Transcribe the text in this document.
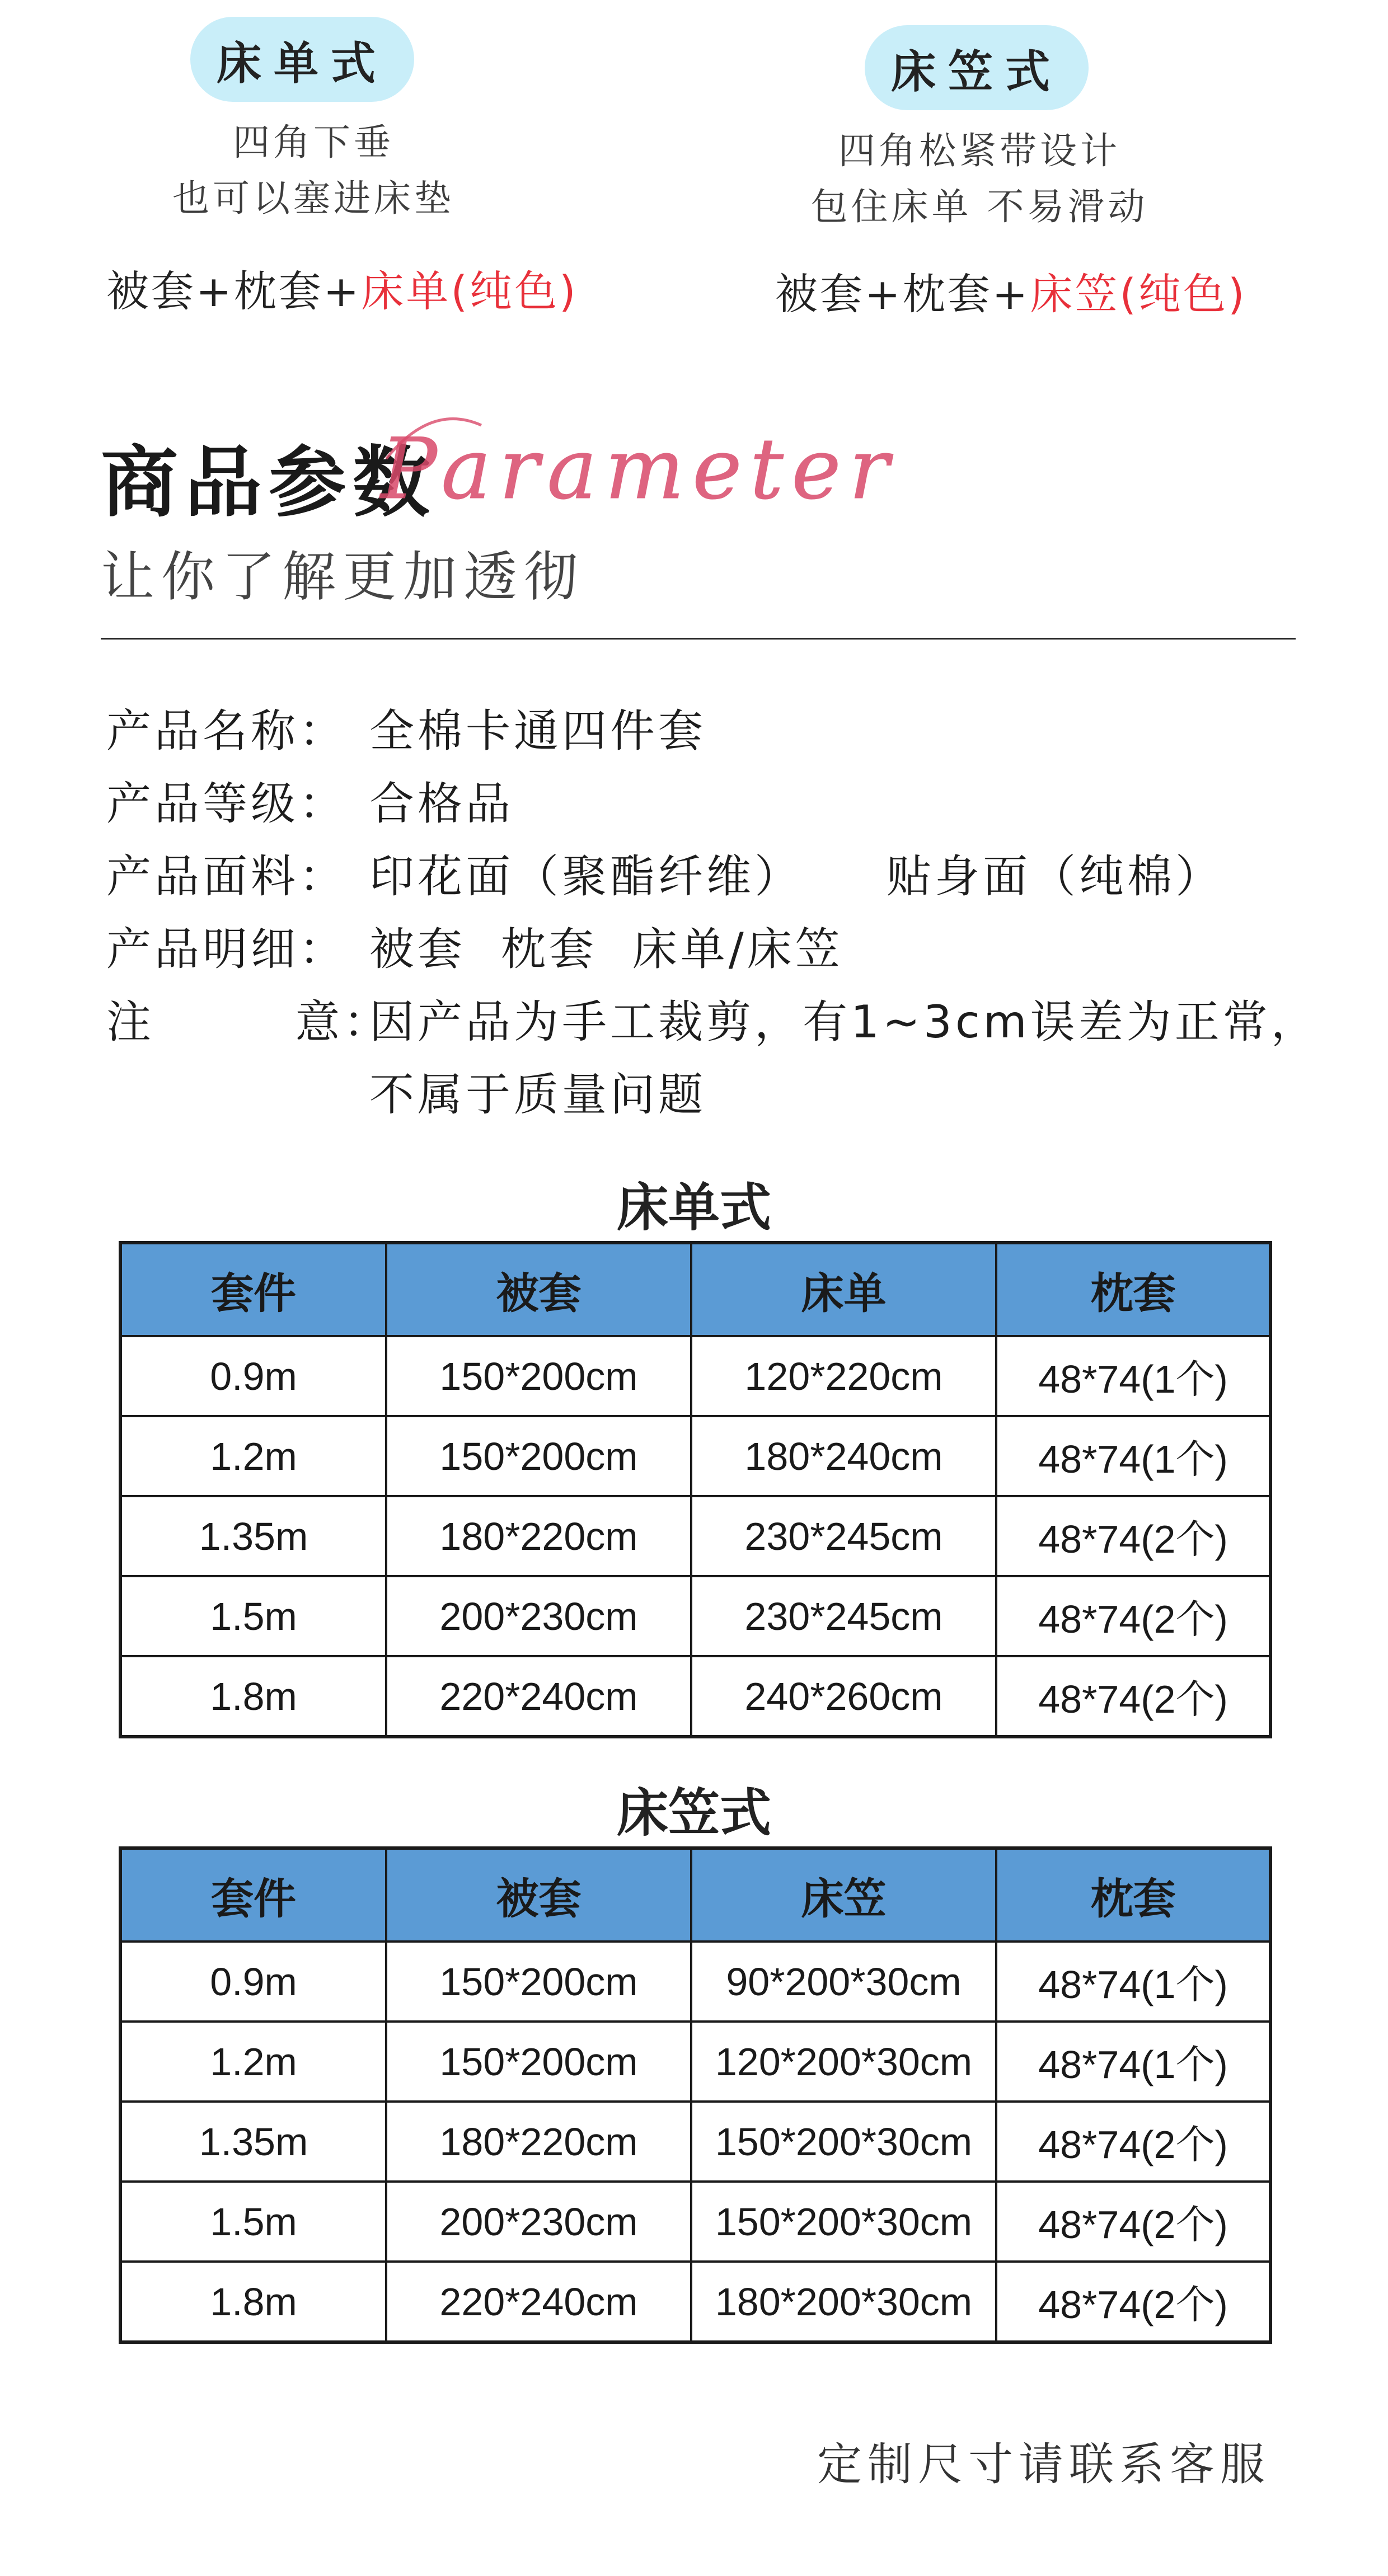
床单式
四角下垂
也可以塞进床垫
被套+枕套+床单(纯色)
床笠式
四角松紧带设计
包住床单 不易滑动
被套+枕套+床笠(纯色)
商品参数
Parameter
让你了解更加透彻
产品名称： 全棉卡通四件套
产品等级： 合格品
产品面料： 印花面（聚酯纤维） 贴身面（纯棉）
产品明细： 被套  枕套  床单/床笠
注        意：因产品为手工裁剪，有1~3cm误差为正常，
不属于质量问题
床单式
套件	被套	床单	枕套
0.9m	150*200cm	120*220cm	48*74(1个)
1.2m	150*200cm	180*240cm	48*74(1个)
1.35m	180*220cm	230*245cm	48*74(2个)
1.5m	200*230cm	230*245cm	48*74(2个)
1.8m	220*240cm	240*260cm	48*74(2个)
床笠式
套件	被套	床笠	枕套
0.9m	150*200cm	90*200*30cm	48*74(1个)
1.2m	150*200cm	120*200*30cm	48*74(1个)
1.35m	180*220cm	150*200*30cm	48*74(2个)
1.5m	200*230cm	150*200*30cm	48*74(2个)
1.8m	220*240cm	180*200*30cm	48*74(2个)
定制尺寸请联系客服
